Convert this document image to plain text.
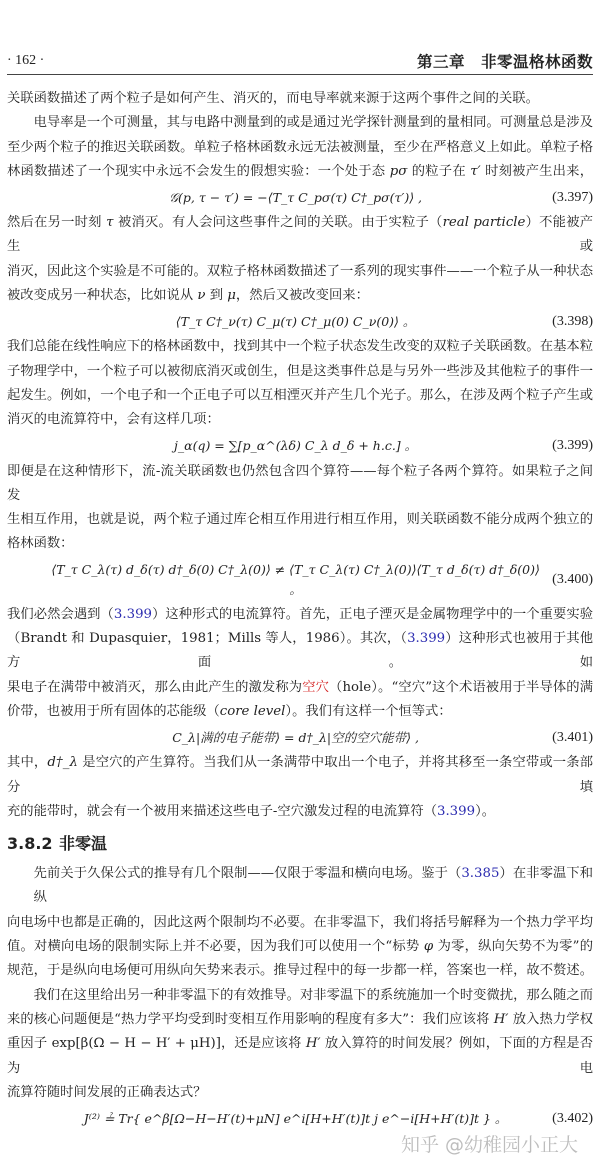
· 162 ·	第三章　非零温格林函数
关联函数描述了两个粒子是如何产生、消灭的，而电导率就来源于这两个事件之间的关联。
电导率是一个可测量，其与电路中测量到的或是通过光学探针测量到的量相同。可测量总是涉及
至少两个粒子的推迟关联函数。单粒子格林函数永远无法被测量，至少在严格意义上如此。单粒子格
林函数描述了一个现实中永远不会发生的假想实验：一个处于态 pσ 的粒子在 τ′ 时刻被产生出来，
𝒢(p, τ − τ′) = −⟨T_τ C_pσ(τ) C†_pσ(τ′)⟩ ,	(3.397)
然后在另一时刻 τ 被消灭。有人会问这些事件之间的关联。由于实粒子（real particle）不能被产生或
消灭，因此这个实验是不可能的。双粒子格林函数描述了一系列的现实事件——一个粒子从一种状态
被改变成另一种状态，比如说从 ν 到 μ，然后又被改变回来：
⟨T_τ C†_ν(τ) C_μ(τ) C†_μ(0) C_ν(0)⟩ 。	(3.398)
我们总能在线性响应下的格林函数中，找到其中一个粒子状态发生改变的双粒子关联函数。在基本粒
子物理学中，一个粒子可以被彻底消灭或创生，但是这类事件总是与另外一些涉及其他粒子的事件一
起发生。例如，一个电子和一个正电子可以互相湮灭并产生几个光子。那么，在涉及两个粒子产生或
消灭的电流算符中，会有这样几项：
j_α(q) = ∑[p_α^(λδ) C_λ d_δ + h.c.] 。	(3.399)
即便是在这种情形下，流-流关联函数也仍然包含四个算符——每个粒子各两个算符。如果粒子之间发
生相互作用，也就是说，两个粒子通过库仑相互作用进行相互作用，则关联函数不能分成两个独立的
格林函数：
⟨T_τ C_λ(τ) d_δ(τ) d†_δ(0) C†_λ(0)⟩ ≠ ⟨T_τ C_λ(τ) C†_λ(0)⟩⟨T_τ d_δ(τ) d†_δ(0)⟩ 。
(3.400)
我们必然会遇到（3.399）这种形式的电流算符。首先，正电子湮灭是金属物理学中的一个重要实验
（Brandt 和 Dupasquier，1981；Mills 等人，1986）。其次，（3.399）这种形式也被用于其他方面。如
果电子在满带中被消灭，那么由此产生的激发称为空穴（hole）。“空穴”这个术语被用于半导体的满
价带，也被用于所有固体的芯能级（core level）。我们有这样一个恒等式：
C_λ|满的电子能带⟩ = d†_λ|空的空穴能带⟩ ,	(3.401)
其中，d†_λ 是空穴的产生算符。当我们从一条满带中取出一个电子，并将其移至一条空带或一条部分填
充的能带时，就会有一个被用来描述这些电子-空穴激发过程的电流算符（3.399）。
3.8.2 非零温
先前关于久保公式的推导有几个限制——仅限于零温和横向电场。鉴于（3.385）在非零温下和纵
向电场中也都是正确的，因此这两个限制均不必要。在非零温下，我们将括号解释为一个热力学平均
值。对横向电场的限制实际上并不必要，因为我们可以使用一个“标势 φ 为零，纵向矢势不为零”的
规范，于是纵向电场便可用纵向矢势来表示。推导过程中的每一步都一样，答案也一样，故不赘述。
我们在这里给出另一种非零温下的有效推导。对非零温下的系统施加一个时变微扰，那么随之而
来的核心问题便是“热力学平均受到时变相互作用影响的程度有多大”：我们应该将 H′ 放入热力学权
重因子 exp[β(Ω − H − H′ + μH)]，还是应该将 H′ 放入算符的时间发展？例如，下面的方程是否为电
流算符随时间发展的正确表达式？
J⁽²⁾ ≟ Tr{ e^β[Ω−H−H′(t)+μN] e^i[H+H′(t)]t j e^−i[H+H′(t)]t } 。	(3.402)
知乎 @幼稚园小正大
